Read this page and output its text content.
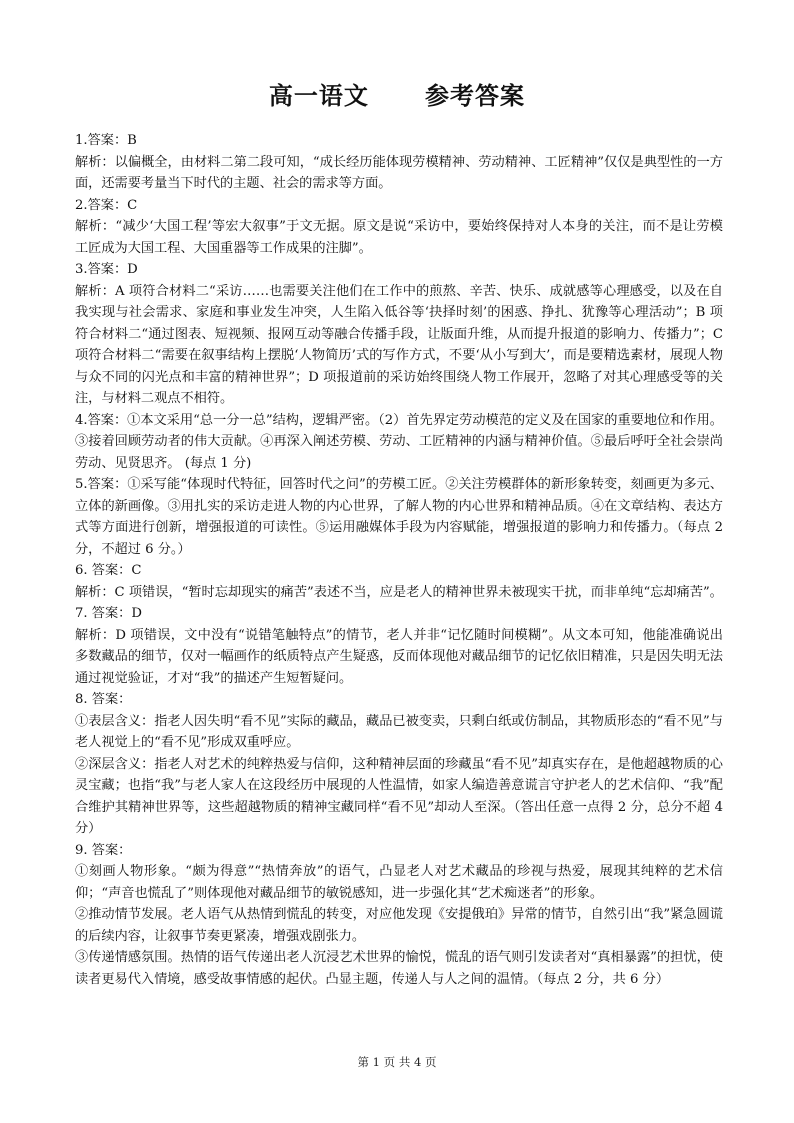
高一语文      参考答案

1.答案：B

解析：以偏概全，由材料二第二段可知，“成长经历能体现劳模精神、劳动精神、工匠精神”仅仅是典型性的一方面，还需要考量当下时代的主题、社会的需求等方面。

2.答案：C

解析：“减少‘大国工程’等宏大叙事”于文无据。原文是说“采访中，要始终保持对人本身的关注，而不是让劳模工匠成为大国工程、大国重器等工作成果的注脚”。

3.答案：D

解析：A 项符合材料二“采访……也需要关注他们在工作中的煎熬、辛苦、快乐、成就感等心理感受，以及在自我实现与社会需求、家庭和事业发生冲突，人生陷入低谷等‘抉择时刻’的困惑、挣扎、犹豫等心理活动”；B 项符合材料二“通过图表、短视频、报网互动等融合传播手段，让版面升维，从而提升报道的影响力、传播力”；C 项符合材料二“需要在叙事结构上摆脱‘人物简历’式的写作方式，不要‘从小写到大’，而是要精选素材，展现人物与众不同的闪光点和丰富的精神世界”；D 项报道前的采访始终围绕人物工作展开，忽略了对其心理感受等的关注，与材料二观点不相符。

4.答案：①本文采用“总一分一总”结构，逻辑严密。（2）首先界定劳动模范的定义及在国家的重要地位和作用。③接着回顾劳动者的伟大贡献。④再深入阐述劳模、劳动、工匠精神的内涵与精神价值。⑤最后呼吁全社会崇尚劳动、见贤思齐。 (每点 1 分)

5.答案：①采写能“体现时代特征，回答时代之问”的劳模工匠。②关注劳模群体的新形象转变，刻画更为多元、立体的新画像。③用扎实的采访走进人物的内心世界，了解人物的内心世界和精神品质。④在文章结构、表达方式等方面进行创新，增强报道的可读性。⑤运用融媒体手段为内容赋能，增强报道的影响力和传播力。（每点 2 分，不超过 6 分。）

6. 答案：C

解析：C 项错误，“暂时忘却现实的痛苦”表述不当，应是老人的精神世界未被现实干扰，而非单纯“忘却痛苦”。

7. 答案：D

解析：D 项错误，文中没有“说错笔触特点”的情节，老人并非“记忆随时间模糊”。从文本可知，他能准确说出多数藏品的细节，仅对一幅画作的纸质特点产生疑惑，反而体现他对藏品细节的记忆依旧精准，只是因失明无法通过视觉验证，才对“我”的描述产生短暂疑问。

8. 答案：

①表层含义：指老人因失明“看不见”实际的藏品，藏品已被变卖，只剩白纸或仿制品，其物质形态的“看不见”与老人视觉上的“看不见”形成双重呼应。

②深层含义：指老人对艺术的纯粹热爱与信仰，这种精神层面的珍藏虽“看不见”却真实存在，是他超越物质的心灵宝藏；也指“我”与老人家人在这段经历中展现的人性温情，如家人编造善意谎言守护老人的艺术信仰、“我”配合维护其精神世界等，这些超越物质的精神宝藏同样“看不见”却动人至深。（答出任意一点得 2 分，总分不超 4 分）

9. 答案：

①刻画人物形象。“颇为得意”“热情奔放”的语气，凸显老人对艺术藏品的珍视与热爱，展现其纯粹的艺术信仰；“声音也慌乱了”则体现他对藏品细节的敏锐感知，进一步强化其“艺术痴迷者”的形象。

②推动情节发展。老人语气从热情到慌乱的转变，对应他发现《安提俄珀》异常的情节，自然引出“我”紧急圆谎的后续内容，让叙事节奏更紧凑，增强戏剧张力。

③传递情感氛围。热情的语气传递出老人沉浸艺术世界的愉悦，慌乱的语气则引发读者对“真相暴露”的担忧，使读者更易代入情境，感受故事情感的起伏。凸显主题，传递人与人之间的温情。（每点 2 分，共 6 分）

第 1 页 共 4 页
